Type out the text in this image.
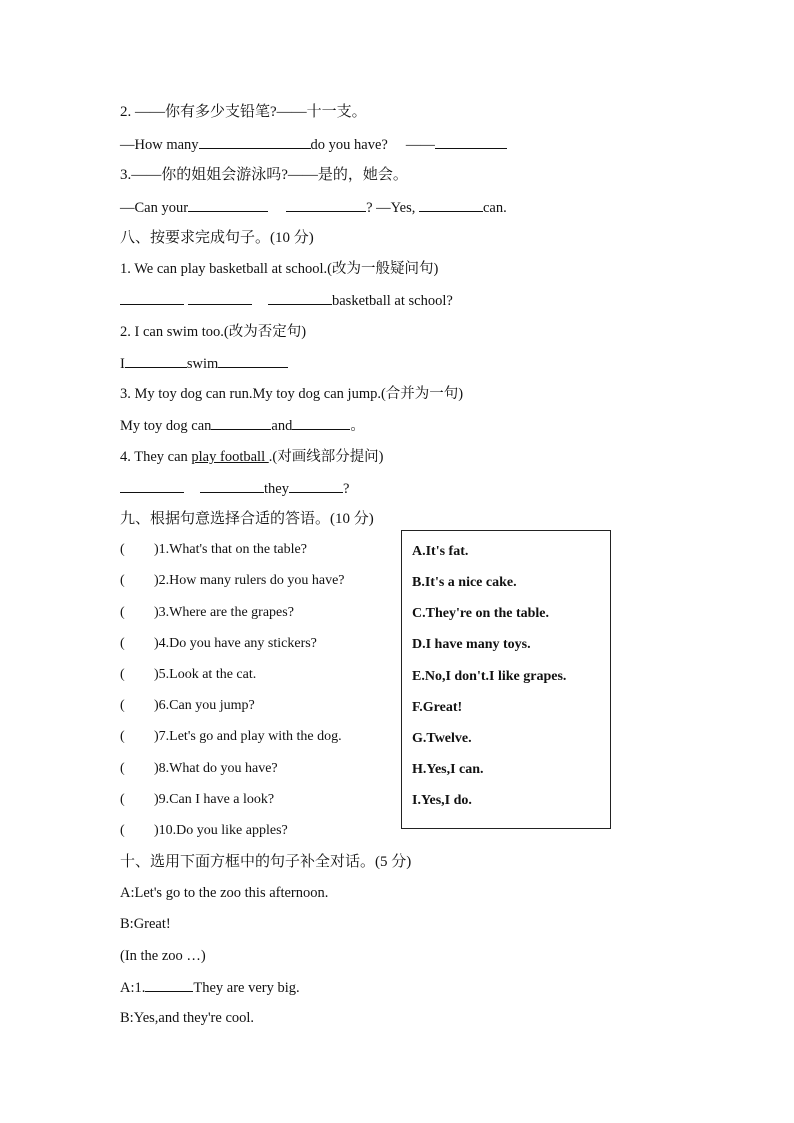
2. ——你有多少支铅笔?——十一支。
—How many	do you have? ——
3.——你的姐姐会游泳吗?——是的，她会。
—Can your	? —Yes,	can.
八、按要求完成句子。(10 分)
1. We can play basketball at school.(改为一般疑问句)
basketball at school?
2. I can swim too.(改为否定句)
I	swim
3. My toy dog can run.My toy dog can jump.(合并为一句)
My toy dog can	and	。
4. They can play football .(对画线部分提问)
they	?
九、根据句意选择合适的答语。(10 分)
( )1.What's that on the table?
( )2.How many rulers do you have?
( )3.Where are the grapes?
( )4.Do you have any stickers?
( )5.Look at the cat.
( )6.Can you jump?
( )7.Let's go and play with the dog.
( )8.What do you have?
( )9.Can I have a look?
( )10.Do you like apples?
A.It's fat.
B.It's a nice cake.
C.They're on the table.
D.I have many toys.
E.No,I don't.I like grapes.
F.Great!
G.Twelve.
H.Yes,I can.
I.Yes,I do.
十、选用下面方框中的句子补全对话。(5 分)
A:Let's go to the zoo this afternoon.
B:Great!
(In the zoo …)
A:1.	They are very big.
B:Yes,and they're cool.
